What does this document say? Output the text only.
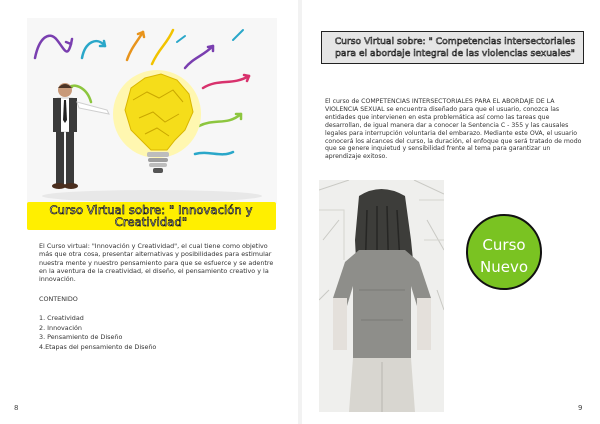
Curso Virtual sobre: " Innovación y Creatividad"

El Curso virtual: "Innovación y Creatividad", el cual tiene como objetivo más que otra cosa, presentar alternativas y posibilidades para estimular nuestra mente y nuestro pensamiento para que se esfuerce y se adentre en la aventura de la creatividad, el diseño, el pensamiento creativo y la innovación.

CONTENIDO
1. Creatividad
2. Innovación
3. Pensamiento de Diseño
4.Etapas del pensamiento de Diseño
8
Curso Virtual sobre: " Competencias intersectoriales para el abordaje integral de las violencias sexuales"
El curso de COMPETENCIAS INTERSECTORIALES PARA EL ABORDAJE DE LA VIOLENCIA SEXUAL se encuentra diseñado para que el usuario, conozca las entidades que intervienen en esta problemática así como las tareas que desarrollan, de igual manera dar a conocer la Sentencia C - 355 y las causales legales para interrupción voluntaria del embarazo. Mediante este OVA, el usuario conocerá los alcances del curso, la duración, el enfoque que será tratado de modo que se genere inquietud y sensibilidad frente al tema para garantizar un aprendizaje exitoso.
Curso
Nuevo
9
